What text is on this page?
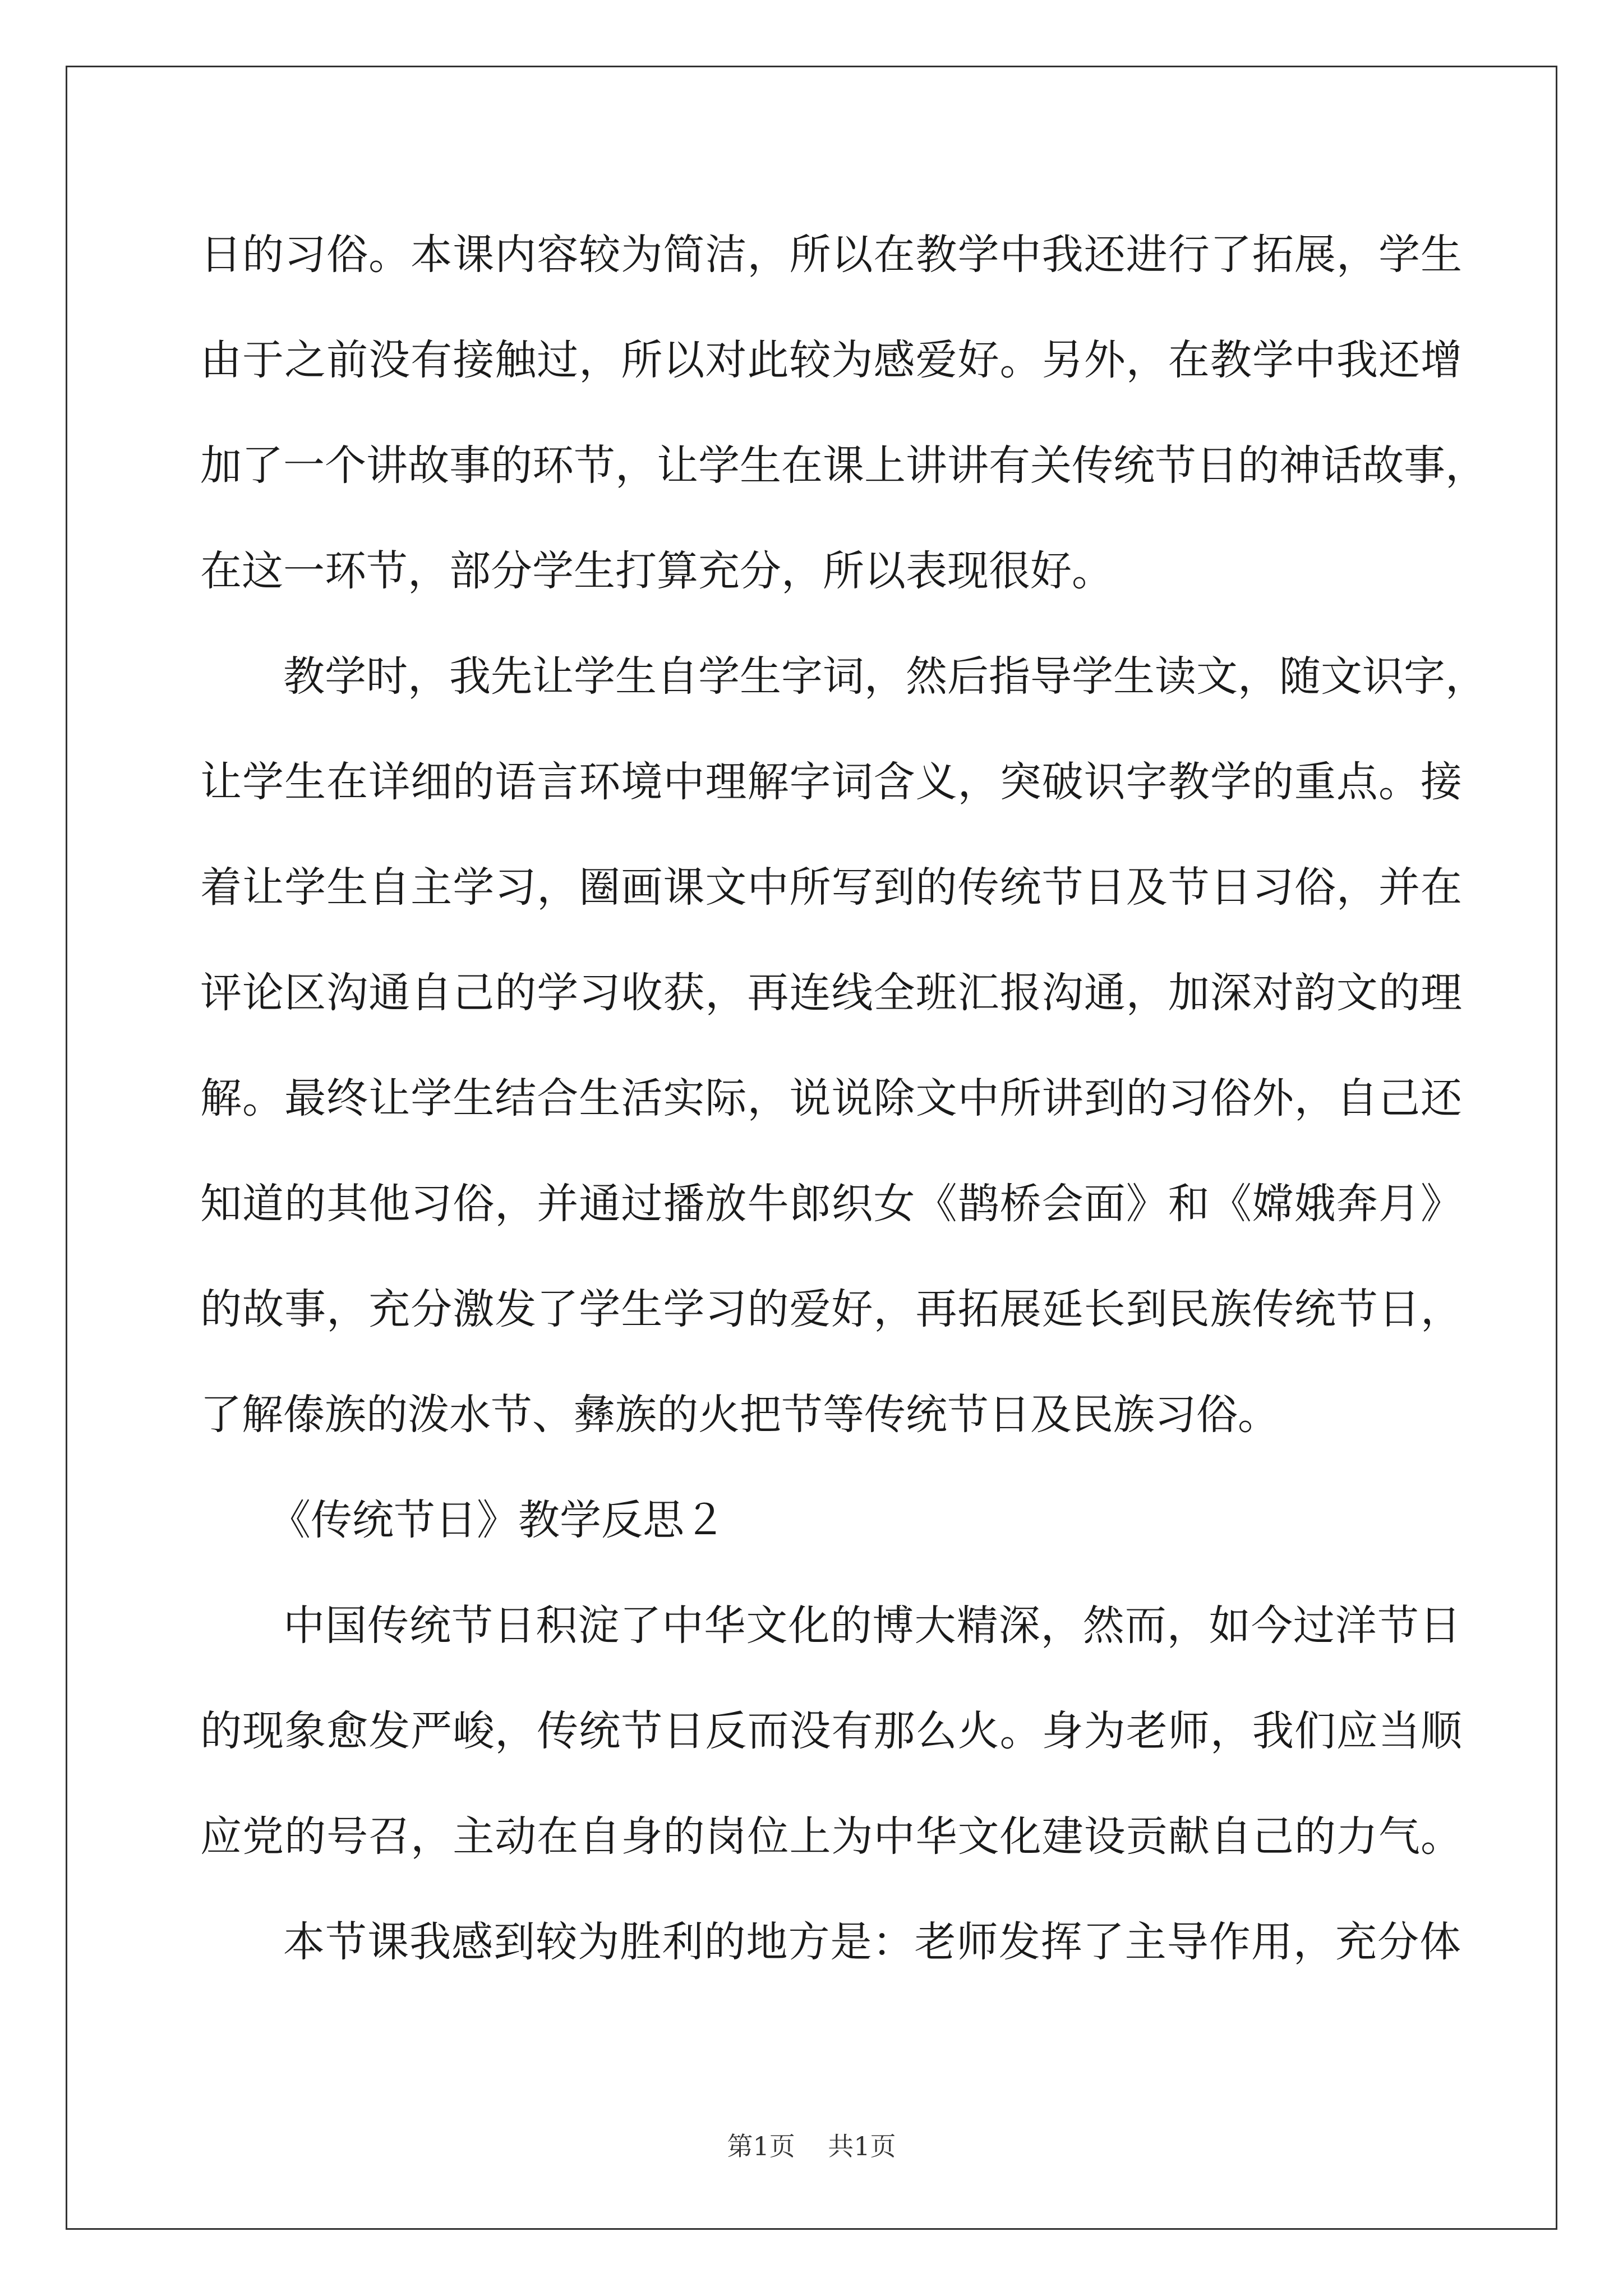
日的习俗。本课内容较为简洁，所以在教学中我还进行了拓展，学生
由于之前没有接触过，所以对此较为感爱好。另外，在教学中我还增
加了一个讲故事的环节，让学生在课上讲讲有关传统节日的神话故事，
在这一环节，部分学生打算充分，所以表现很好。
教学时，我先让学生自学生字词，然后指导学生读文，随文识字，
让学生在详细的语言环境中理解字词含义，突破识字教学的重点。接
着让学生自主学习，圈画课文中所写到的传统节日及节日习俗，并在
评论区沟通自己的学习收获，再连线全班汇报沟通，加深对韵文的理
解。最终让学生结合生活实际，说说除文中所讲到的习俗外，自己还
知道的其他习俗，并通过播放牛郎织女《鹊桥会面》和《嫦娥奔月》
的故事，充分激发了学生学习的爱好，再拓展延长到民族传统节日，
了解傣族的泼水节、彝族的火把节等传统节日及民族习俗。
《传统节日》教学反思２
中国传统节日积淀了中华文化的博大精深，然而，如今过洋节日
的现象愈发严峻，传统节日反而没有那么火。身为老师，我们应当顺
应党的号召，主动在自身的岗位上为中华文化建设贡献自己的力气。
本节课我感到较为胜利的地方是：老师发挥了主导作用，充分体
第1页 共1页
